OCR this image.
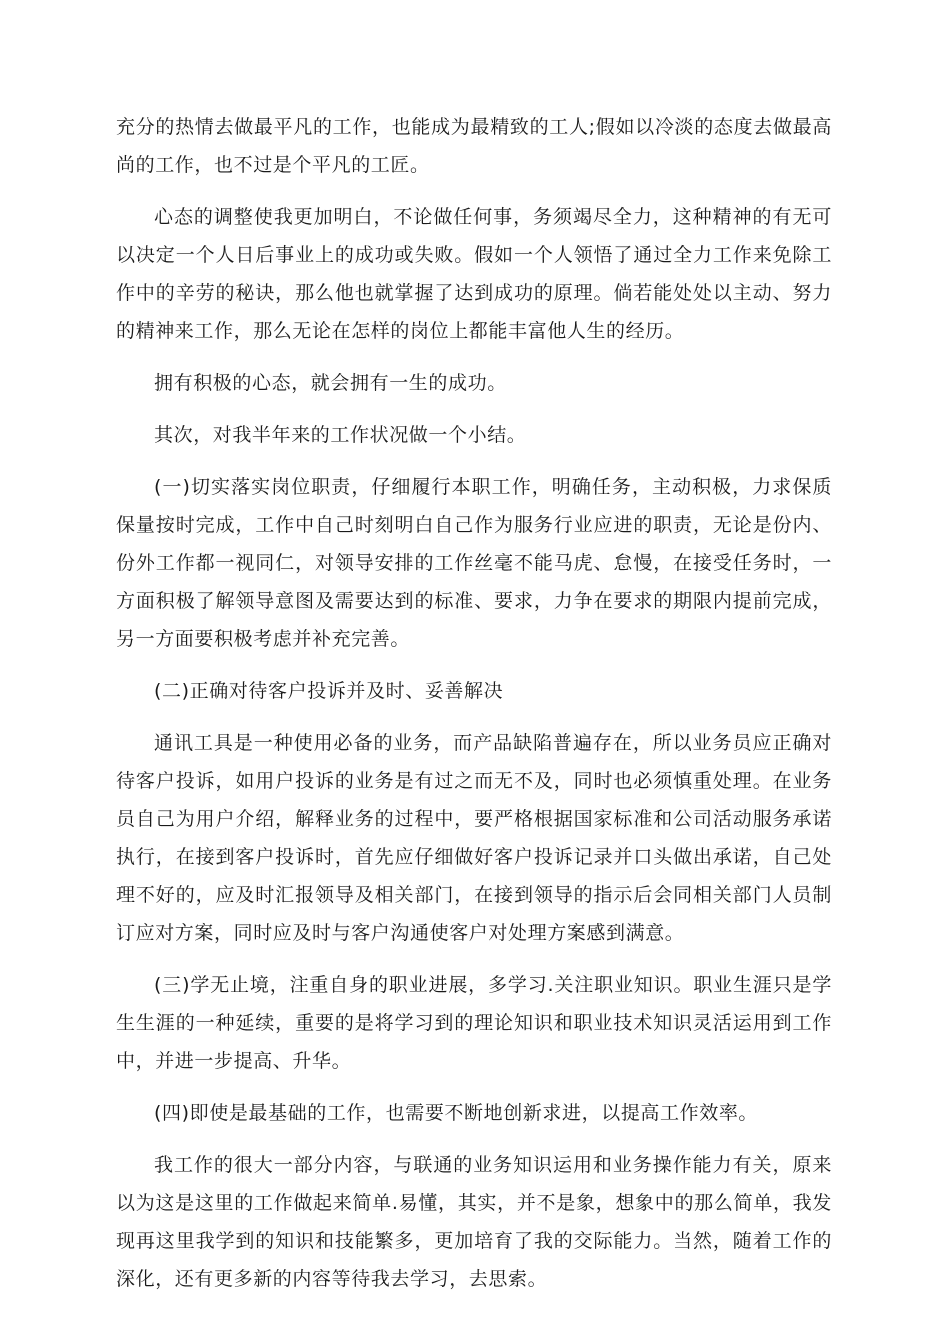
充分的热情去做最平凡的工作，也能成为最精致的工人;假如以冷淡的态度去做最高尚的工作，也不过是个平凡的工匠。

心态的调整使我更加明白，不论做任何事，务须竭尽全力，这种精神的有无可以决定一个人日后事业上的成功或失败。假如一个人领悟了通过全力工作来免除工作中的辛劳的秘诀，那么他也就掌握了达到成功的原理。倘若能处处以主动、努力的精神来工作，那么无论在怎样的岗位上都能丰富他人生的经历。

拥有积极的心态，就会拥有一生的成功。

其次，对我半年来的工作状况做一个小结。

(一)切实落实岗位职责，仔细履行本职工作，明确任务，主动积极，力求保质保量按时完成，工作中自己时刻明白自己作为服务行业应进的职责，无论是份内、份外工作都一视同仁，对领导安排的工作丝毫不能马虎、怠慢，在接受任务时，一方面积极了解领导意图及需要达到的标准、要求，力争在要求的期限内提前完成，另一方面要积极考虑并补充完善。

(二)正确对待客户投诉并及时、妥善解决

通讯工具是一种使用必备的业务，而产品缺陷普遍存在，所以业务员应正确对待客户投诉，如用户投诉的业务是有过之而无不及，同时也必须慎重处理。在业务员自己为用户介绍，解释业务的过程中，要严格根据国家标准和公司活动服务承诺执行，在接到客户投诉时，首先应仔细做好客户投诉记录并口头做出承诺，自己处理不好的，应及时汇报领导及相关部门，在接到领导的指示后会同相关部门人员制订应对方案，同时应及时与客户沟通使客户对处理方案感到满意。

(三)学无止境，注重自身的职业进展，多学习.关注职业知识。职业生涯只是学生生涯的一种延续，重要的是将学习到的理论知识和职业技术知识灵活运用到工作中，并进一步提高、升华。

(四)即使是最基础的工作，也需要不断地创新求进，以提高工作效率。

我工作的很大一部分内容，与联通的业务知识运用和业务操作能力有关，原来以为这是这里的工作做起来简单.易懂，其实，并不是象，想象中的那么简单，我发现再这里我学到的知识和技能繁多，更加培育了我的交际能力。当然，随着工作的深化，还有更多新的内容等待我去学习，去思索。
